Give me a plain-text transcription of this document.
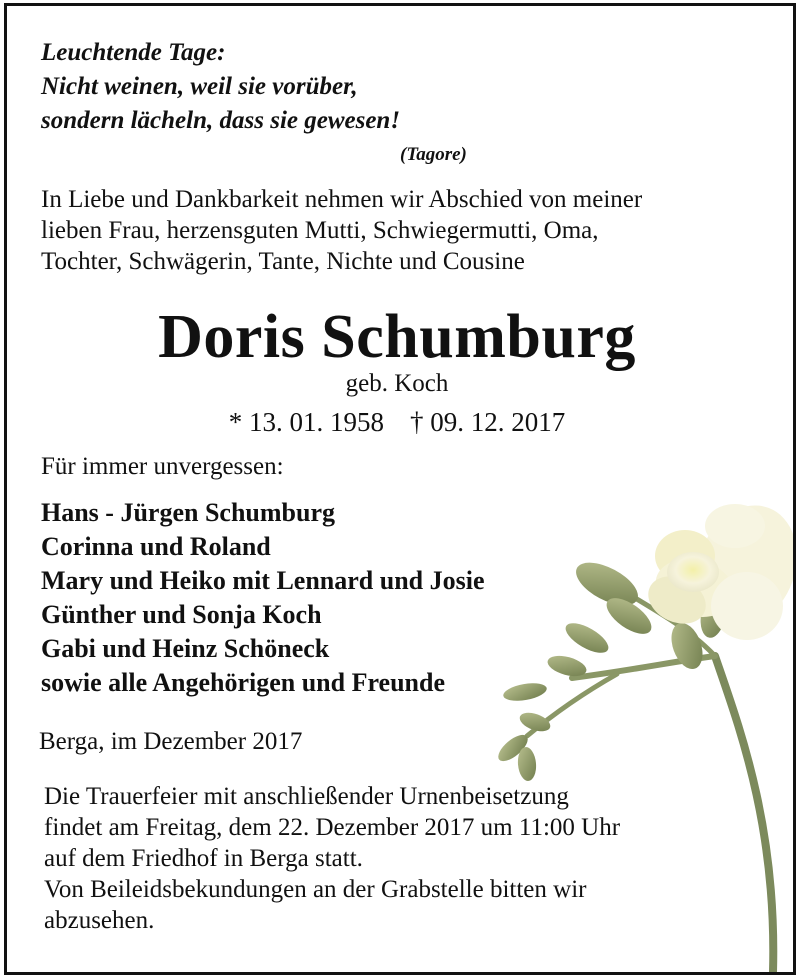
Leuchtende Tage:
Nicht weinen, weil sie vorüber,
sondern lächeln, dass sie gewesen!
(Tagore)
In Liebe und Dankbarkeit nehmen wir Abschied von meiner
lieben Frau, herzensguten Mutti, Schwiegermutti, Oma,
Tochter, Schwägerin, Tante, Nichte und Cousine
Doris Schumburg
geb. Koch
* 13. 01. 1958 † 09. 12. 2017
Für immer unvergessen:
Hans - Jürgen Schumburg
Corinna und Roland
Mary und Heiko mit Lennard und Josie
Günther und Sonja Koch
Gabi und Heinz Schöneck
sowie alle Angehörigen und Freunde
Berga, im Dezember 2017
Die Trauerfeier mit anschließender Urnenbeisetzung
findet am Freitag, dem 22. Dezember 2017 um 11:00 Uhr
auf dem Friedhof in Berga statt.
Von Beileidsbekundungen an der Grabstelle bitten wir
abzusehen.
